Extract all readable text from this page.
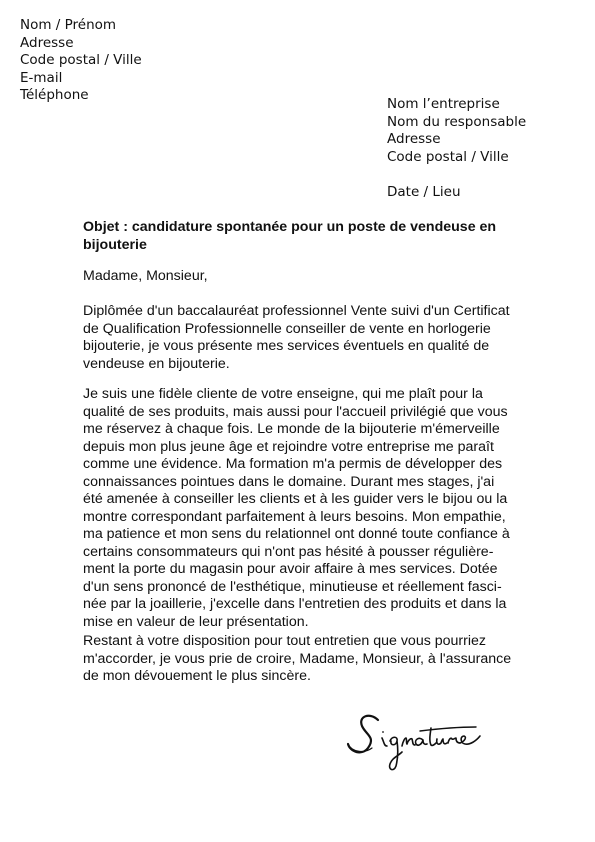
Nom / Prénom
Adresse
Code postal / Ville
E-mail
Téléphone
Nom l’entreprise
Nom du responsable
Adresse
Code postal / Ville
Date / Lieu
Objet : candidature spontanée pour un poste de vendeuse en
bijouterie
Madame, Monsieur,
Diplômée d'un baccalauréat professionnel Vente suivi d'un Certificat
de Qualification Professionnelle conseiller de vente en horlogerie
bijouterie, je vous présente mes services éventuels en qualité de
vendeuse en bijouterie.
Je suis une fidèle cliente de votre enseigne, qui me plaît pour la
qualité de ses produits, mais aussi pour l'accueil privilégié que vous
me réservez à chaque fois. Le monde de la bijouterie m'émerveille
depuis mon plus jeune âge et rejoindre votre entreprise me paraît
comme une évidence. Ma formation m'a permis de développer des
connaissances pointues dans le domaine. Durant mes stages, j'ai
été amenée à conseiller les clients et à les guider vers le bijou ou la
montre correspondant parfaitement à leurs besoins. Mon empathie,
ma patience et mon sens du relationnel ont donné toute confiance à
certains consommateurs qui n'ont pas hésité à pousser régulière-
ment la porte du magasin pour avoir affaire à mes services. Dotée
d'un sens prononcé de l'esthétique, minutieuse et réellement fasci-
née par la joaillerie, j'excelle dans l'entretien des produits et dans la
mise en valeur de leur présentation.
Restant à votre disposition pour tout entretien que vous pourriez
m'accorder, je vous prie de croire, Madame, Monsieur, à l'assurance
de mon dévouement le plus sincère.
